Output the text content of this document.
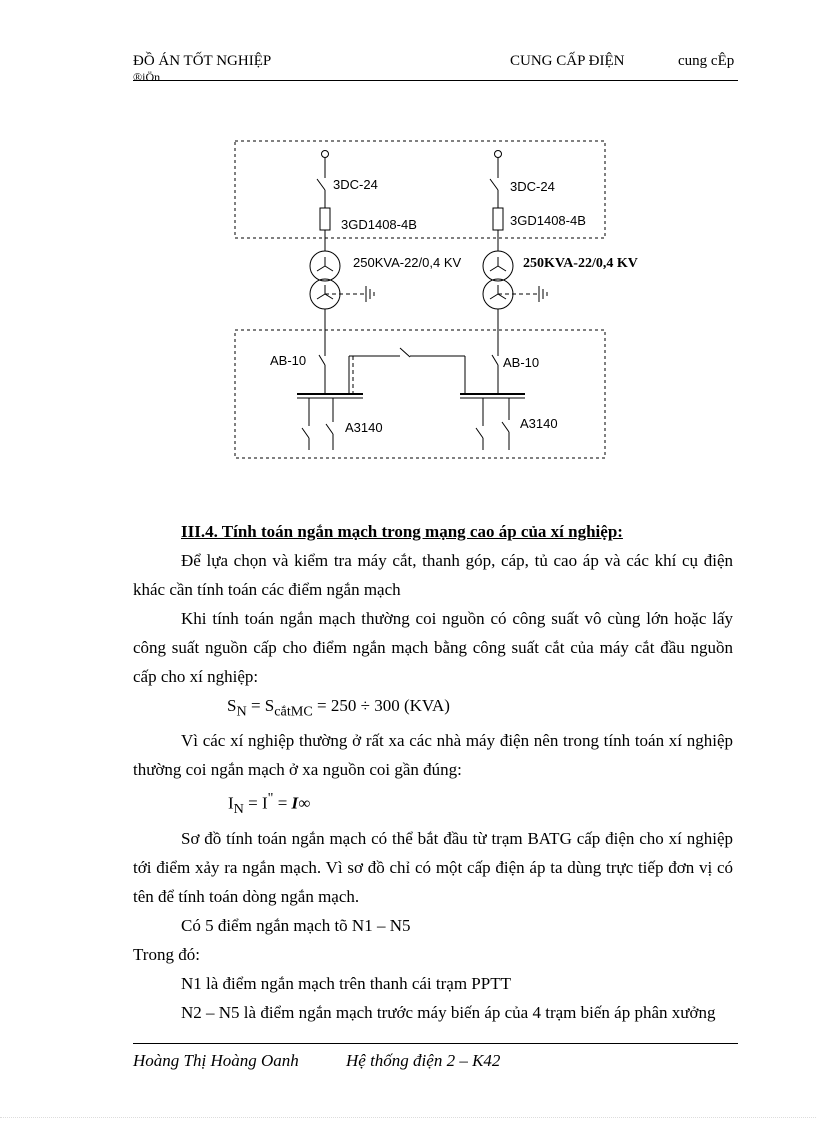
ĐỒ ÁN TỐT NGHIỆP	CUNG CẤP ĐIỆN	cung cÊp
®iÖn
3DC-24
3GD1408-4B
250KVA-22/0,4 KV
AB-10
A3140
3DC-24
3GD1408-4B
250KVA-22/0,4 KV
AB-10
A3140

III.4. Tính toán ngắn mạch trong mạng cao áp của xí nghiệp:

Để lựa chọn và kiểm tra máy cắt, thanh góp, cáp, tủ cao áp và các khí cụ điện khác cần tính toán các điểm ngắn mạch

Khi tính toán ngắn mạch thường coi nguồn có công suất vô cùng lớn hoặc lấy công suất nguồn cấp cho điểm ngắn mạch bằng công suất cắt của máy cắt đầu nguồn cấp cho xí nghiệp:

$S_N = S_{cắtMC} = 250 \div 300$ (KVA)

Vì các xí nghiệp thường ở rất xa các nhà máy điện nên trong tính toán xí nghiệp thường coi ngắn mạch ở xa nguồn coi gần đúng:

$I_N = I^" = I\infty$

Sơ đồ tính toán ngắn mạch có thể bắt đầu từ trạm BATG cấp điện cho xí nghiệp tới điểm xảy ra ngắn mạch. Vì sơ đồ chỉ có một cấp điện áp ta dùng trực tiếp đơn vị có tên để tính toán dòng ngắn mạch.

Có 5 điểm ngắn mạch tõ N1 – N5

Trong đó:

N1 là điểm ngắn mạch trên thanh cái trạm PPTT

N2 – N5 là điểm ngắn mạch trước máy biến áp của 4 trạm biến áp phân xưởng

Hoàng Thị Hoàng Oanh	Hệ thống điện 2 – K42
